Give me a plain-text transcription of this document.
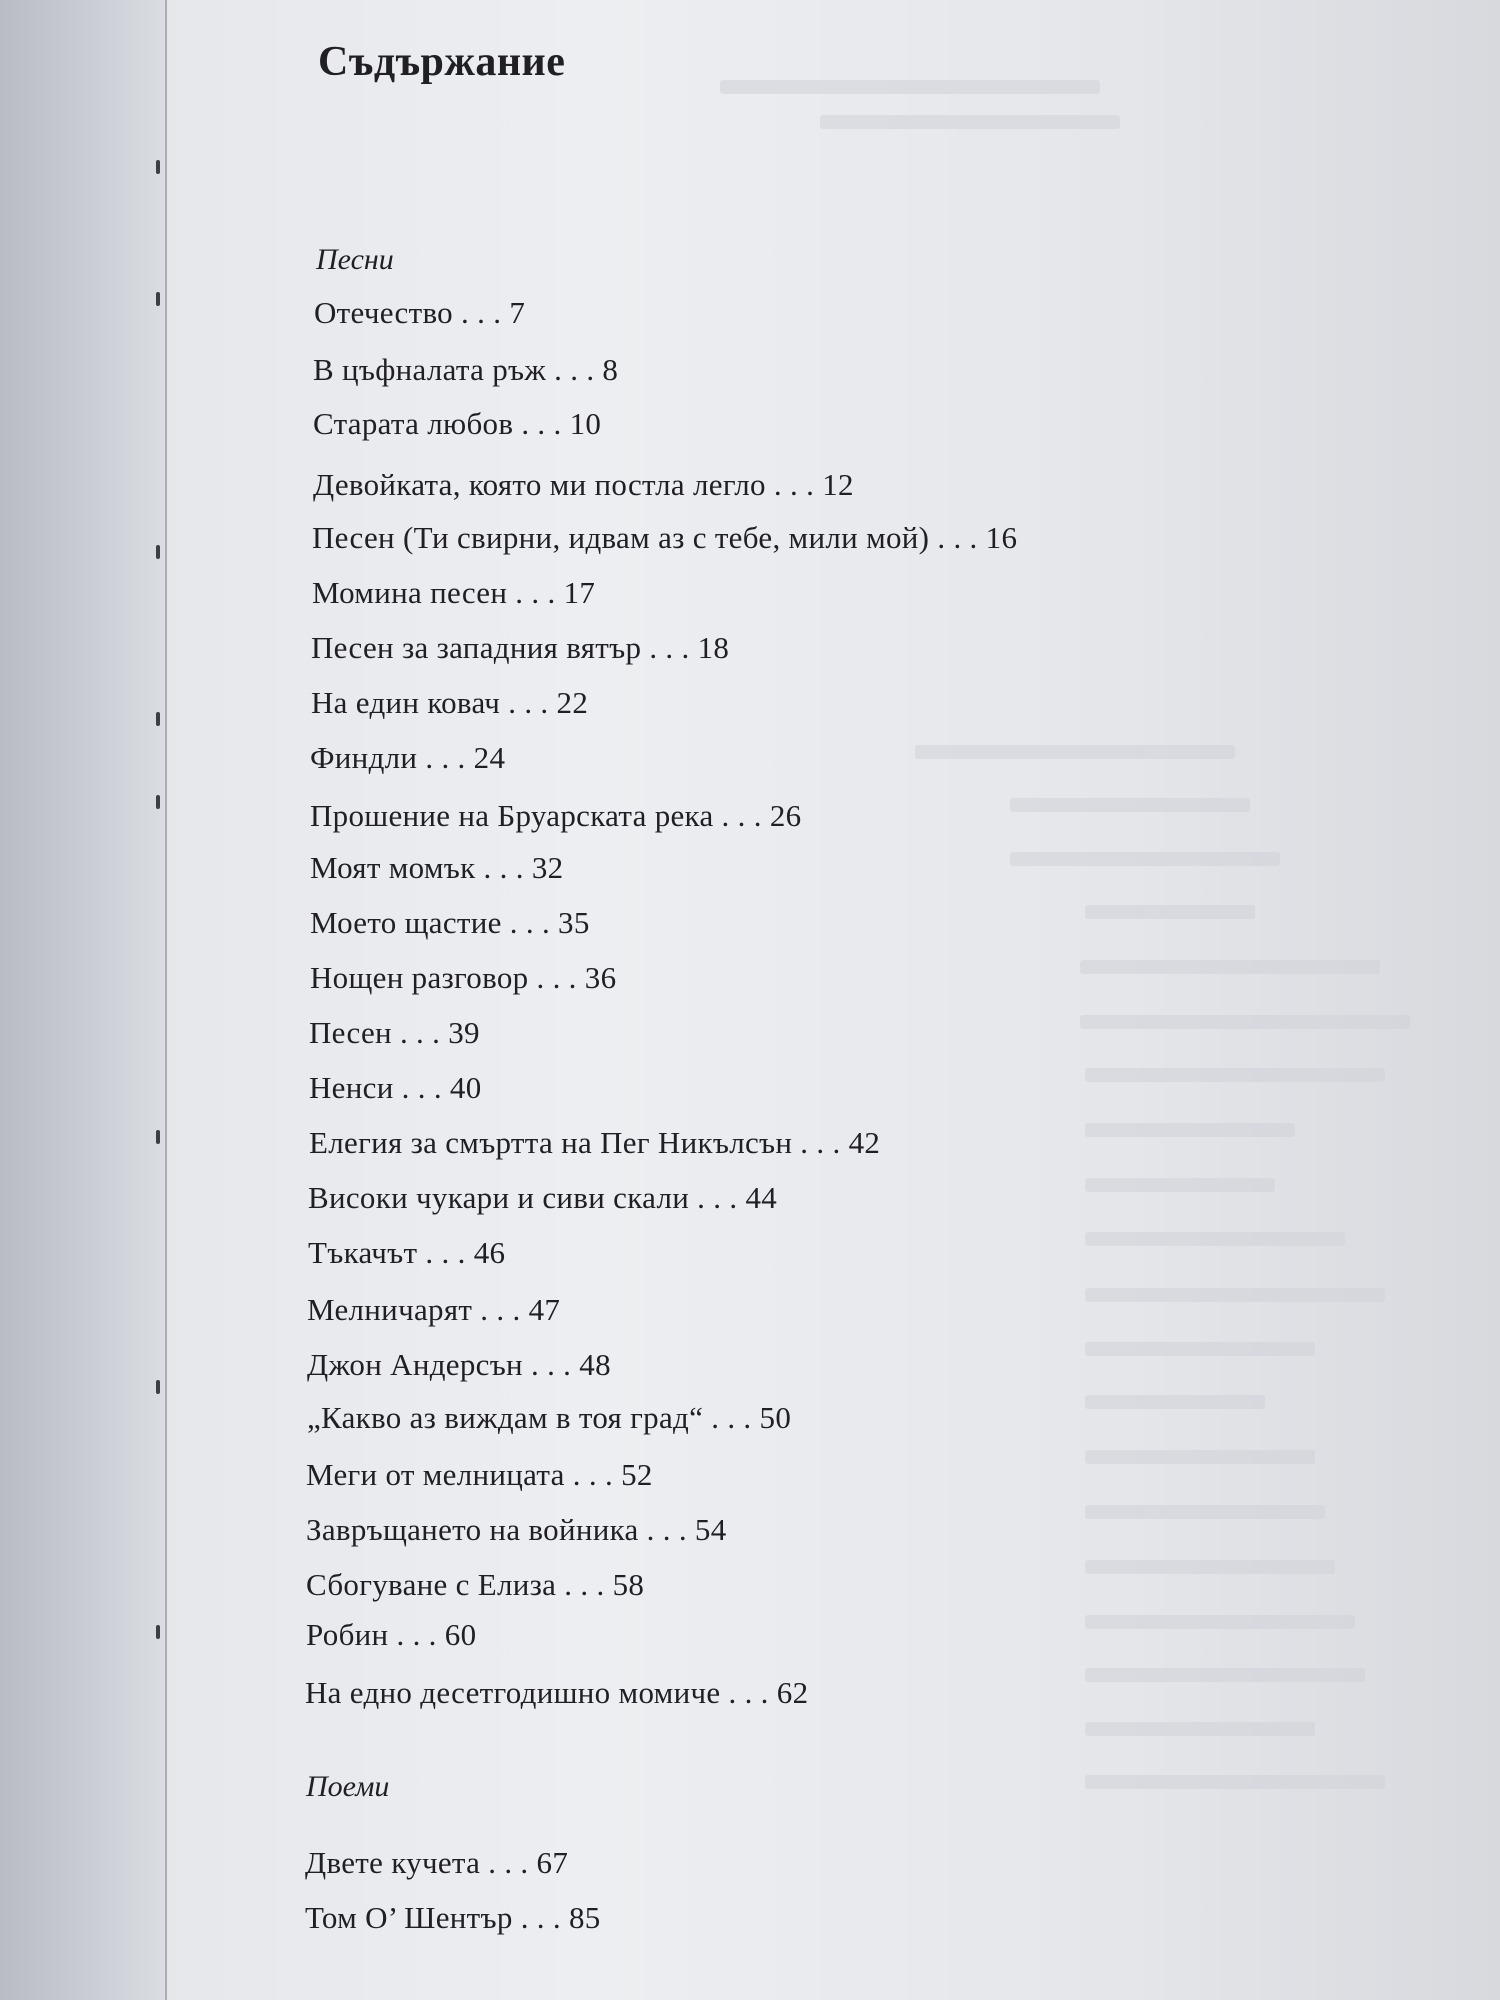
Съдържание
Песни
Отечество . . . 7
В цъфналата ръж . . . 8
Старата любов . . . 10
Девойката, която ми постла легло . . . 12
Песен (Ти свирни, идвам аз с тебе, мили мой) . . . 16
Момина песен . . . 17
Песен за западния вятър . . . 18
На един ковач . . . 22
Финдли . . . 24
Прошение на Бруарската река . . . 26
Моят момък . . . 32
Моето щастие . . . 35
Нощен разговор . . . 36
Песен . . . 39
Ненси . . . 40
Елегия за смъртта на Пег Никълсън . . . 42
Високи чукари и сиви скали . . . 44
Тъкачът . . . 46
Мелничарят . . . 47
Джон Андерсън . . . 48
„Какво аз виждам в тоя град“ . . . 50
Меги от мелницата . . . 52
Завръщането на войника . . . 54
Сбогуване с Елиза . . . 58
Робин . . . 60
На едно десетгодишно момиче . . . 62
Поеми
Двете кучета . . . 67
Том О’ Шентър . . . 85
